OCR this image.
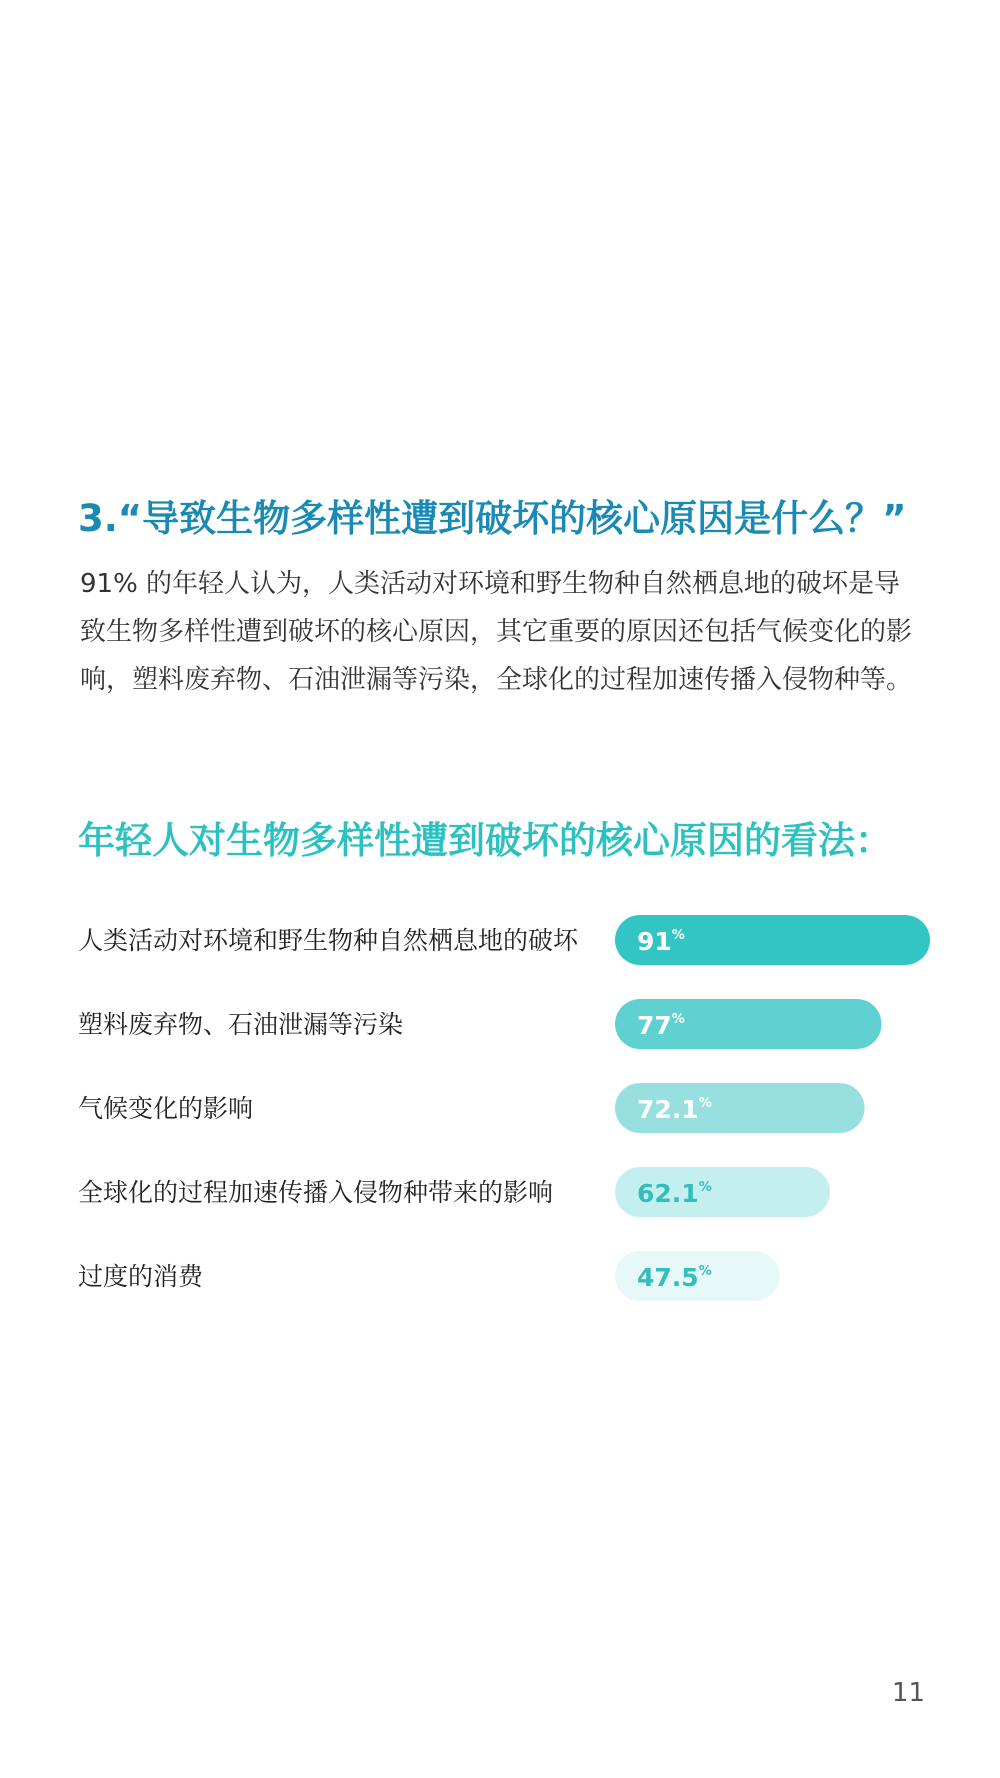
3.“导致生物多样性遭到破坏的核心原因是什么？”
91% 的年轻人认为，人类活动对环境和野生物种自然栖息地的破坏是导
致生物多样性遭到破坏的核心原因，其它重要的原因还包括气候变化的影
响，塑料废弃物、石油泄漏等污染，全球化的过程加速传播入侵物种等。
年轻人对生物多样性遭到破坏的核心原因的看法：
人类活动对环境和野生物种自然栖息地的破坏 91%
塑料废弃物、石油泄漏等污染	77%
气候变化的影响	72.1%
全球化的过程加速传播入侵物种带来的影响	62.1%
过度的消费	47.5%
11
